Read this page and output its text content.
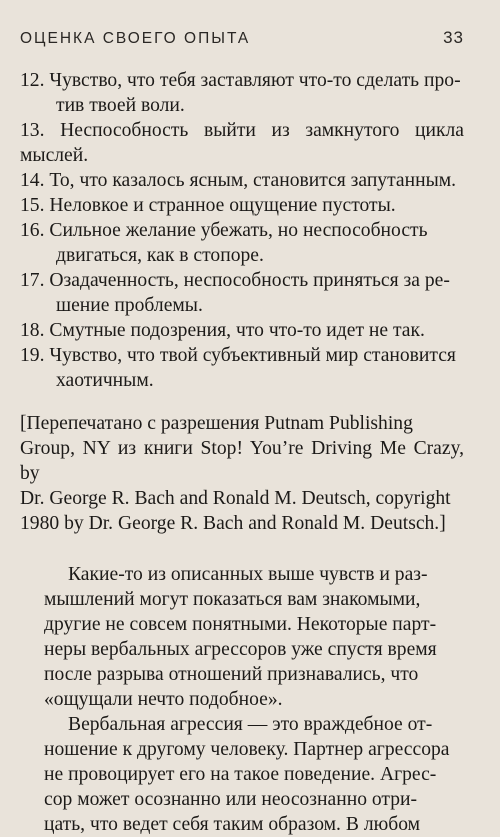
ОЦЕНКА СВОЕГО ОПЫТА	33
12. Чувство, что тебя заставляют что-то сделать про-
тив твоей воли.
13. Неспособность выйти из замкнутого цикла мыслей.
14. То, что казалось ясным, становится запутанным.
15. Неловкое и странное ощущение пустоты.
16. Сильное желание убежать, но неспособность
двигаться, как в стопоре.
17. Озадаченность, неспособность приняться за ре-
шение проблемы.
18. Смутные подозрения, что что-то идет не так.
19. Чувство, что твой субъективный мир становится
хаотичным.
[Перепечатано с разрешения Putnam Publishing
Group, NY из книги Stop! You’re Driving Me Crazy, by
Dr. George R. Bach and Ronald M. Deutsch, copyright
1980 by Dr. George R. Bach and Ronald M. Deutsch.]
Какие-то из описанных выше чувств и раз-
мышлений могут показаться вам знакомыми,
другие не совсем понятными. Некоторые парт-
неры вербальных агрессоров уже спустя время
после разрыва отношений признавались, что
«ощущали нечто подобное».
Вербальная агрессия — это враждебное от-
ношение к другому человеку. Партнер агрессора
не провоцирует его на такое поведение. Агрес-
сор может осознанно или неосознанно отри-
цать, что ведет себя таким образом. В любом
